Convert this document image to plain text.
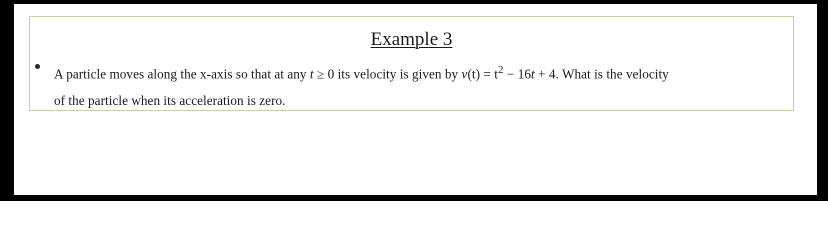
Example 3
A particle moves along the x-axis so that at any t ≥ 0 its velocity is given by $v(t) = t^2 - 16t + 4$. What is the velocity
of the particle when its acceleration is zero.
